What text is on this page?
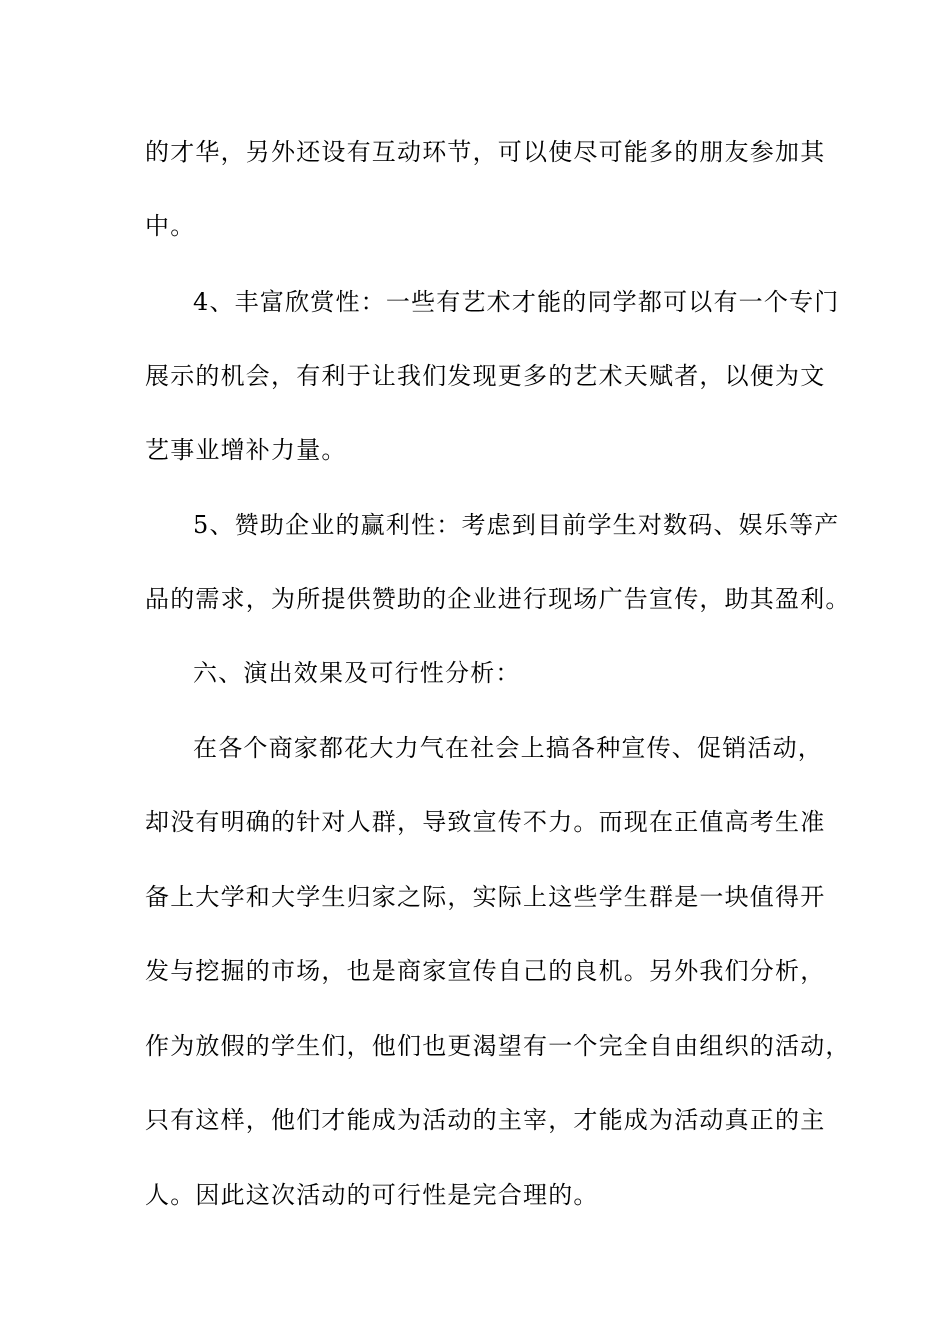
的才华，另外还设有互动环节，可以使尽可能多的朋友参加其
中。
4、丰富欣赏性：一些有艺术才能的同学都可以有一个专门
展示的机会，有利于让我们发现更多的艺术天赋者，以便为文
艺事业增补力量。
5、赞助企业的赢利性：考虑到目前学生对数码、娱乐等产
品的需求，为所提供赞助的企业进行现场广告宣传，助其盈利。
六、演出效果及可行性分析：
在各个商家都花大力气在社会上搞各种宣传、促销活动，
却没有明确的针对人群，导致宣传不力。而现在正值高考生准
备上大学和大学生归家之际，实际上这些学生群是一块值得开
发与挖掘的市场，也是商家宣传自己的良机。另外我们分析，
作为放假的学生们，他们也更渴望有一个完全自由组织的活动，
只有这样，他们才能成为活动的主宰，才能成为活动真正的主
人。因此这次活动的可行性是完合理的。
